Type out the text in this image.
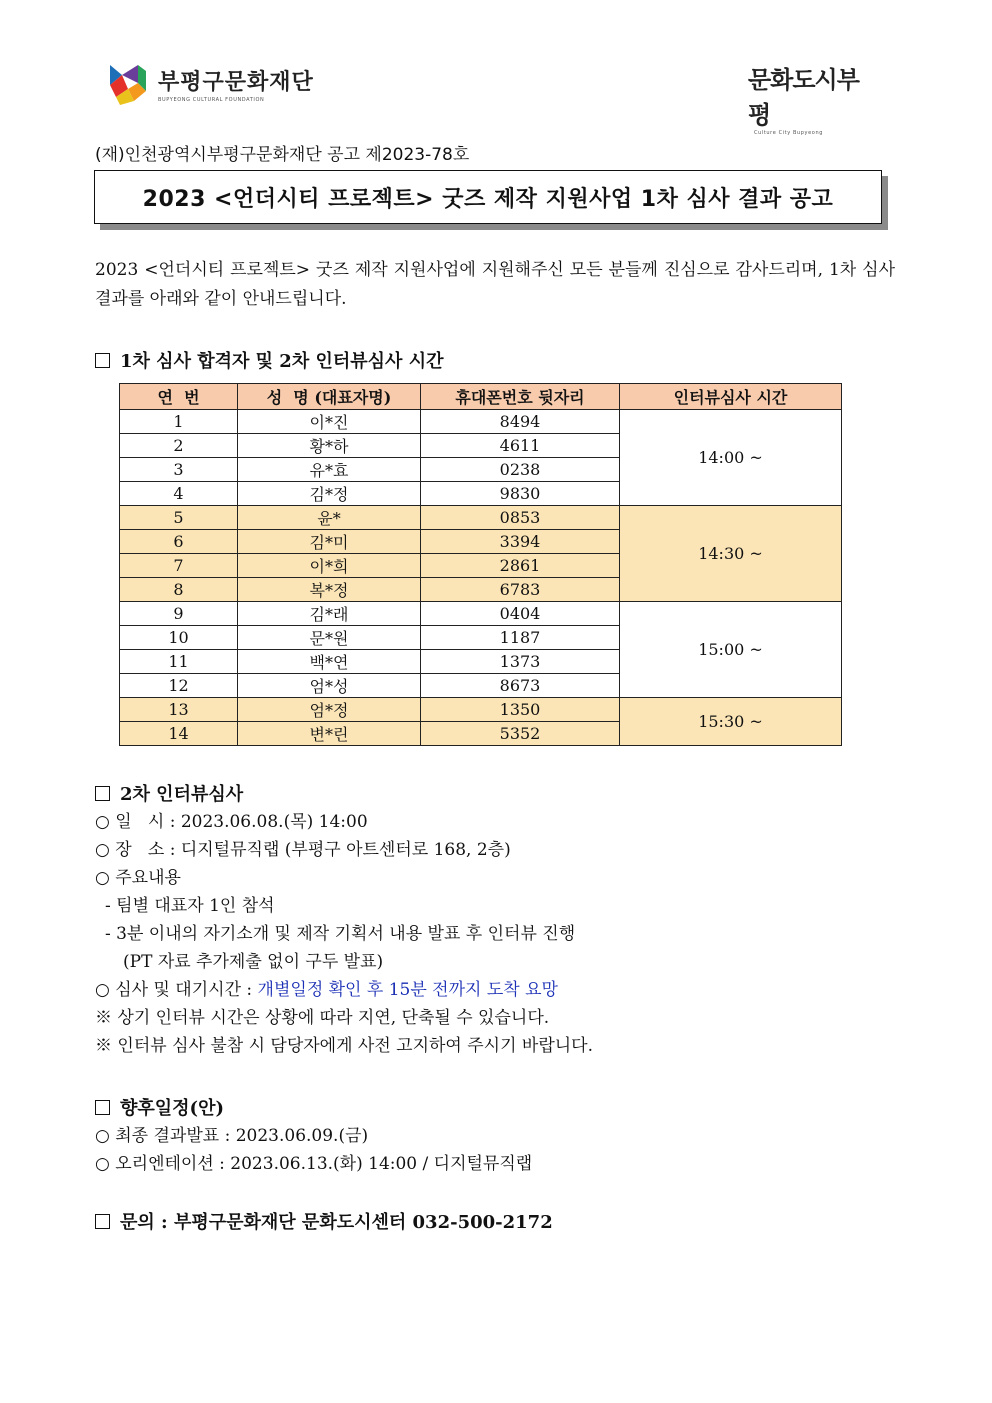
부평구문화재단
BUPYEONG CULTURAL FOUNDATION
문화도시부평
Culture City Bupyeong
(재)인천광역시부평구문화재단 공고 제2023-78호
2023 <언더시티 프로젝트> 굿즈 제작 지원사업 1차 심사 결과 공고
2023 <언더시티 프로젝트> 굿즈 제작 지원사업에 지원해주신 모든 분들께 진심으로 감사드리며, 1차 심사 결과를 아래와 같이 안내드립니다.
1차 심사 합격자 및 2차 인터뷰심사 시간
연  번	성  명 (대표자명)	휴대폰번호 뒷자리	인터뷰심사 시간
1	이*진	8494	14:00 ~
2	황*하	4611	
3	유*효	0238	
4	김*정	9830	
5	윤*	0853	14:30 ~
6	김*미	3394	
7	이*희	2861	
8	복*정	6783	
9	김*래	0404	15:00 ~
10	문*원	1187	
11	백*연	1373	
12	엄*성	8673	
13	엄*정	1350	15:30 ~
14	변*린	5352	
2차 인터뷰심사
○ 일   시 : 2023.06.08.(목) 14:00
○ 장   소 : 디지털뮤직랩 (부평구 아트센터로 168, 2층)
○ 주요내용
- 팀별 대표자 1인 참석
- 3분 이내의 자기소개 및 제작 기획서 내용 발표 후 인터뷰 진행
(PT 자료 추가제출 없이 구두 발표)
○ 심사 및 대기시간 : 개별일정 확인 후 15분 전까지 도착 요망
※ 상기 인터뷰 시간은 상황에 따라 지연, 단축될 수 있습니다.
※ 인터뷰 심사 불참 시 담당자에게 사전 고지하여 주시기 바랍니다.
향후일정(안)
○ 최종 결과발표 : 2023.06.09.(금)
○ 오리엔테이션 : 2023.06.13.(화) 14:00 / 디지털뮤직랩
문의 : 부평구문화재단 문화도시센터 032-500-2172
